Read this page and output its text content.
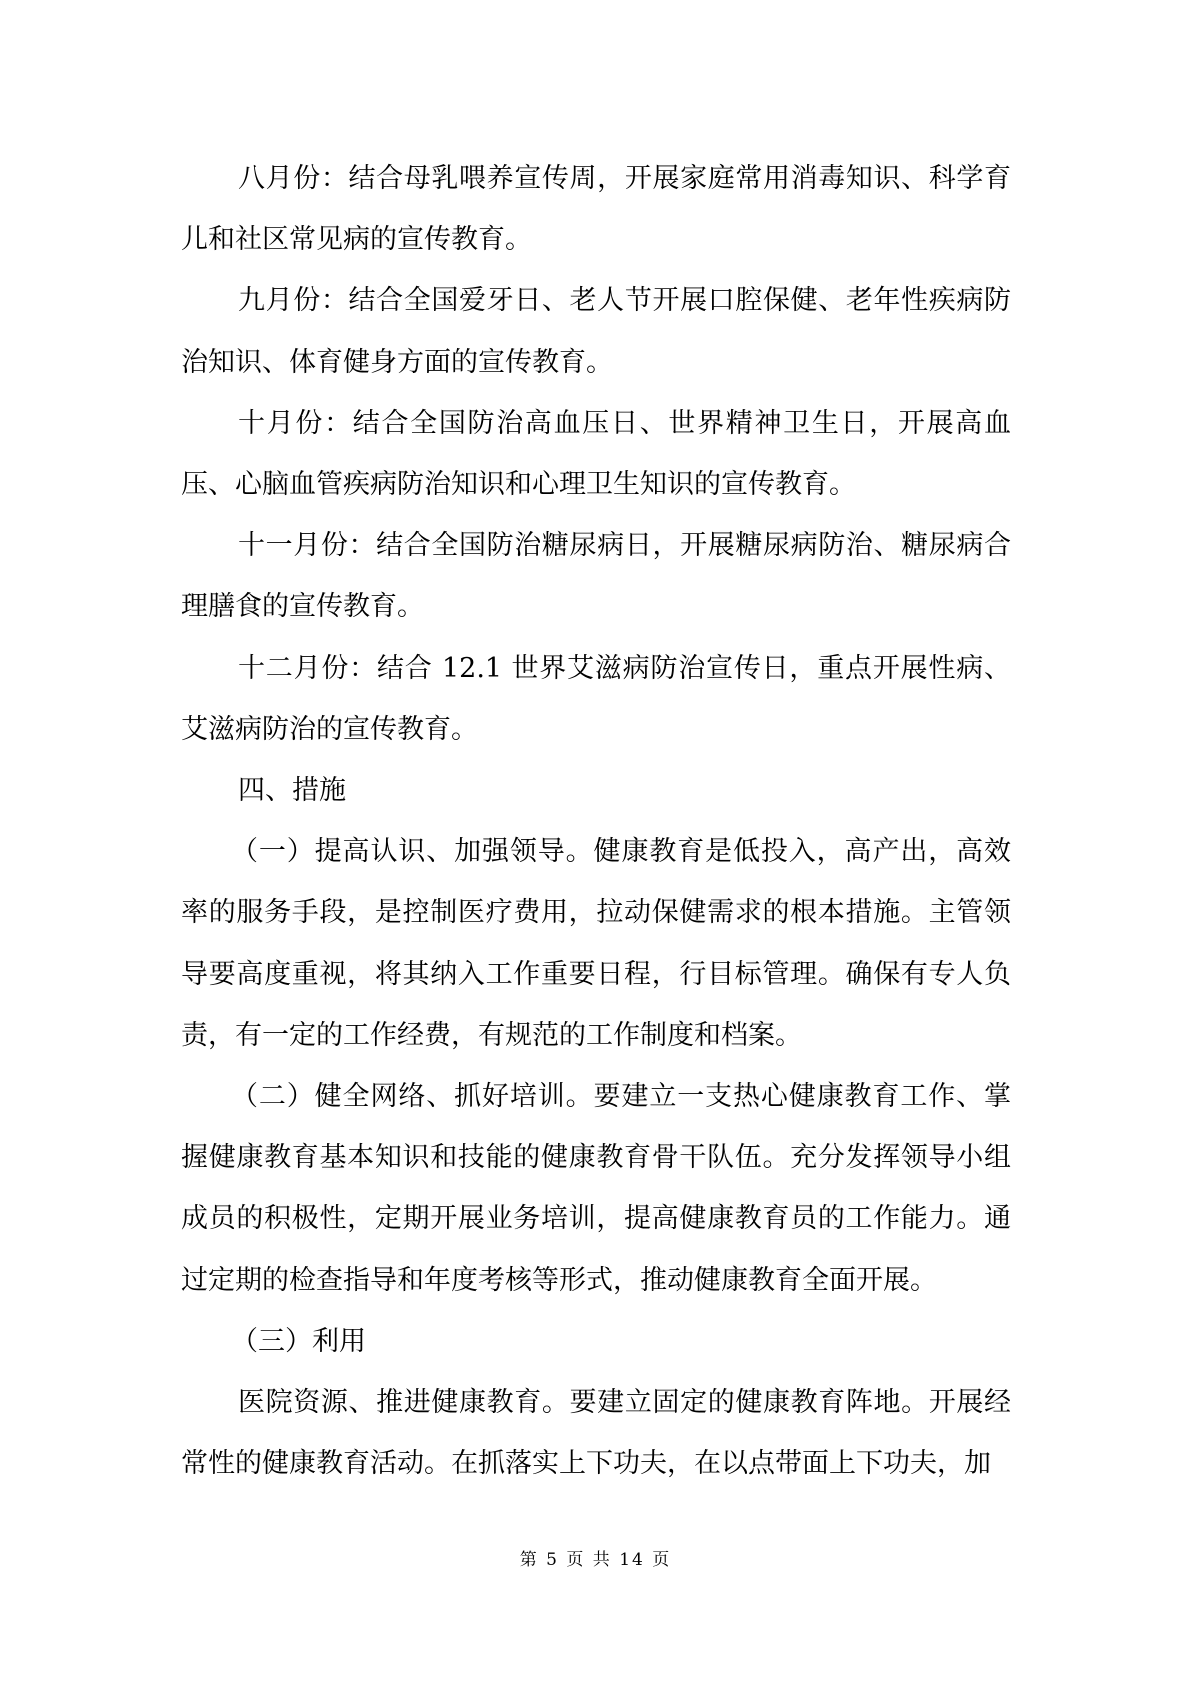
八月份：结合母乳喂养宣传周，开展家庭常用消毒知识、科学育儿和社区常见病的宣传教育。

九月份：结合全国爱牙日、老人节开展口腔保健、老年性疾病防治知识、体育健身方面的宣传教育。

十月份：结合全国防治高血压日、世界精神卫生日，开展高血压、心脑血管疾病防治知识和心理卫生知识的宣传教育。

十一月份：结合全国防治糖尿病日，开展糖尿病防治、糖尿病合理膳食的宣传教育。

十二月份：结合 12.1 世界艾滋病防治宣传日，重点开展性病、艾滋病防治的宣传教育。

四、措施

（一）提高认识、加强领导。健康教育是低投入，高产出，高效率的服务手段，是控制医疗费用，拉动保健需求的根本措施。主管领导要高度重视，将其纳入工作重要日程，行目标管理。确保有专人负责，有一定的工作经费，有规范的工作制度和档案。

（二）健全网络、抓好培训。要建立一支热心健康教育工作、掌握健康教育基本知识和技能的健康教育骨干队伍。充分发挥领导小组成员的积极性，定期开展业务培训，提高健康教育员的工作能力。通过定期的检查指导和年度考核等形式，推动健康教育全面开展。

（三）利用

医院资源、推进健康教育。要建立固定的健康教育阵地。开展经常性的健康教育活动。在抓落实上下功夫，在以点带面上下功夫，加

第 5 页 共 14 页
